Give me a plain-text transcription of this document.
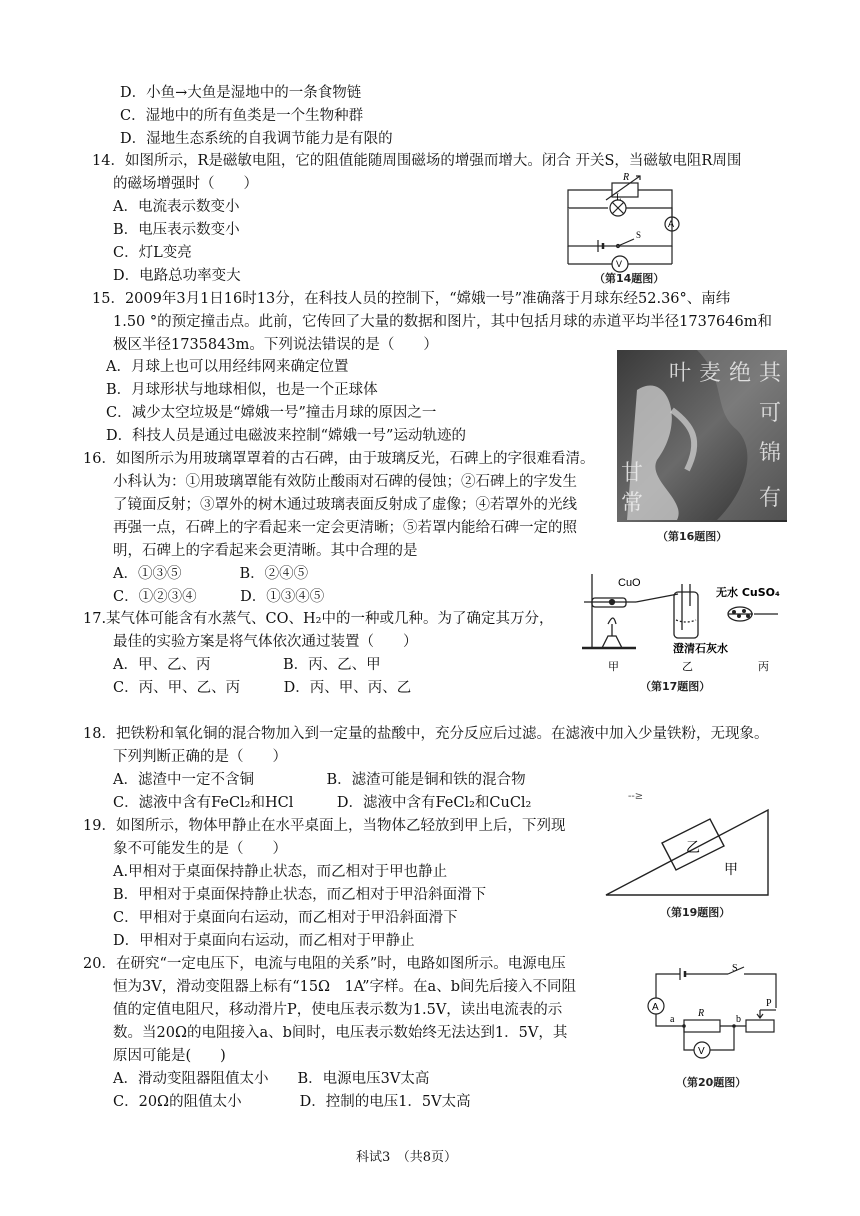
D．小鱼→大鱼是湿地中的一条食物链
C．湿地中的所有鱼类是一个生物种群
D．湿地生态系统的自我调节能力是有限的
14．如图所示，R是磁敏电阻，它的阻值能随周围磁场的增强而增大。闭合 开关S，当磁敏电阻R周围
的磁场增强时（　　）
A．电流表示数变小
B．电压表示数变小
C．灯L变亮
D．电路总功率变大
15．2009年3月1日16时13分，在科技人员的控制下，“嫦娥一号”准确落于月球东经52.36°、南纬
1.50 °的预定撞击点。此前，它传回了大量的数据和图片，其中包括月球的赤道平均半径1737646m和
极区半径1735843m。下列说法错误的是（　　）
A．月球上也可以用经纬网来确定位置
B．月球形状与地球相似，也是一个正球体
C．减少太空垃圾是“嫦娥一号”撞击月球的原因之一
D．科技人员是通过电磁波来控制“嫦娥一号”运动轨迹的
16．如图所示为用玻璃罩罩着的古石碑，由于玻璃反光，石碑上的字很难看清。
小科认为：①用玻璃罩能有效防止酸雨对石碑的侵蚀；②石碑上的字发生
了镜面反射；③罩外的树木通过玻璃表面反射成了虚像；④若罩外的光线
再强一点，石碑上的字看起来一定会更清晰；⑤若罩内能给石碑一定的照
明，石碑上的字看起来会更清晰。其中合理的是
A．①③⑤　　　　B．②④⑤
C．①②③④　　　D．①③④⑤
17.某气体可能含有水蒸气、CO、H₂中的一种或几种。为了确定其万分，
最佳的实验方案是将气体依次通过装置（　　）
A．甲、乙、丙　　　　　B．丙、乙、甲
C．丙、甲、乙、丙　　　D．丙、甲、丙、乙
18．把铁粉和氧化铜的混合物加入到一定量的盐酸中，充分反应后过滤。在滤液中加入少量铁粉，无现象。
下列判断正确的是（　　）
A．滤渣中一定不含铜　　　　　B．滤渣可能是铜和铁的混合物
C．滤液中含有FeCl₂和HCl　　　D．滤液中含有FeCl₂和CuCl₂
19．如图所示，物体甲静止在水平桌面上，当物体乙轻放到甲上后，下列现
象不可能发生的是（　　）
A.甲相对于桌面保持静止状态，而乙相对于甲也静止
B．甲相对于桌面保持静止状态，而乙相对于甲沿斜面滑下
C．甲相对于桌面向右运动，而乙相对于甲沿斜面滑下
D．甲相对于桌面向右运动，而乙相对于甲静止
20．在研究“一定电压下，电流与电阻的关系”时，电路如图所示。电源电压
恒为3V，滑动变阻器上标有“15Ω　1A”字样。在a、b间先后接入不同阻
值的定值电阻尺，移动滑片P，使电压表示数为1.5V，读出电流表的示
数。当20Ω的电阻接入a、b间时，电压表示数始终无法达到1．5V，其
原因可能是(　　)
A．滑动变阻器阻值太小　　B．电源电压3V太高
C．20Ω的阻值太小　　　　D．控制的电压1．5V太高
科试3　（共8页）
--≥
R
L
S
A
V
（第14题图）
绝 其
可
麦
叶
锦
甘
常	有
（第16题图）
CuO
无水 CuSO₄
澄清石灰水
甲	乙	丙
（第17题图）
乙
甲
（第19题图）
S
A
a
R
b
P
V
（第20题图）
